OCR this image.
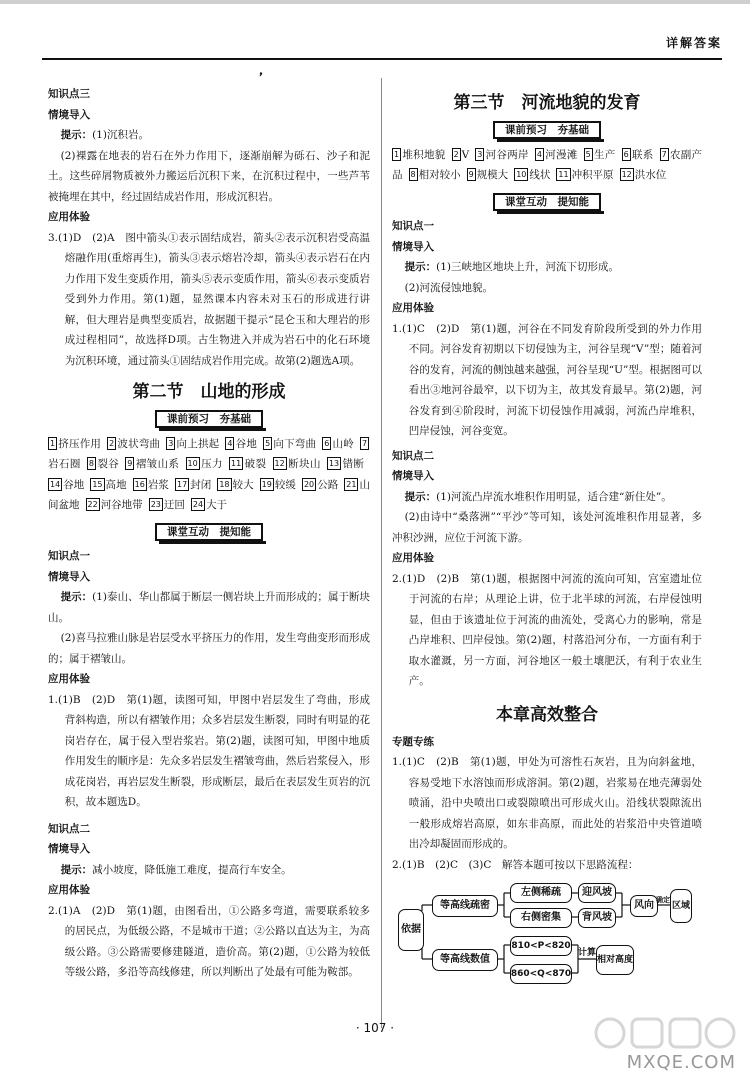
详解答案
❜
知识点三
情境导入

提示：(1)沉积岩。

(2)裸露在地表的岩石在外力作用下，逐渐崩解为砾石、沙子和泥土。这些碎屑物质被外力搬运后沉积下来，在沉积过程中，一些芦苇被掩埋在其中，经过固结成岩作用，形成沉积岩。

应用体验

3.(1)D　(2)A　图中箭头①表示固结成岩，箭头②表示沉积岩受高温熔融作用(重熔再生)，箭头③表示熔岩冷却，箭头④表示岩石在内力作用下发生变质作用，箭头⑤表示变质作用，箭头⑥表示变质岩受到外力作用。第(1)题，显然课本内容未对玉石的形成进行讲解，但大理岩是典型变质岩，故据题干提示“昆仑玉和大理岩的形成过程相同”，故选择D项。古生物进入并成为岩石中的化石环境为沉积环境，通过箭头①固结成岩作用完成。故第(2)题选A项。

第二节　山地的形成
课前预习　夯基础

1 挤压作用 2 波状弯曲 3 向上拱起 4 谷地 5 向下弯曲 6 山岭 7岩石圈 8 裂谷 9 褶皱山系 10 压力 11 破裂 12 断块山 13 错断14 谷地 15 高地 16 岩浆 17 封闭 18 较大 19 较缓 20 公路 21 山间盆地 22 河谷地带 23 迂回 24 大于

课堂互动　提知能
知识点一
情境导入

提示：(1)泰山、华山都属于断层一侧岩块上升而形成的；属于断块山。

(2)喜马拉雅山脉是岩层受水平挤压力的作用，发生弯曲变形而形成的；属于褶皱山。

应用体验

1.(1)B　(2)D　第(1)题，读图可知，甲图中岩层发生了弯曲，形成背斜构造，所以有褶皱作用；众多岩层发生断裂，同时有明显的花岗岩存在，属于侵入型岩浆岩。第(2)题，读图可知，甲图中地质作用发生的顺序是：先众多岩层发生褶皱弯曲，然后岩浆侵入，形成花岗岩，再岩层发生断裂，形成断层，最后在表层发生页岩的沉积，故本题选D。

知识点二
情境导入

提示：减小坡度，降低施工难度，提高行车安全。

应用体验

2.(1)A　(2)D　第(1)题，由图看出，①公路多弯道，需要联系较多的居民点，为低级公路，不是城市干道；②公路以直达为主，为高级公路。③公路需要修建隧道，造价高。第(2)题，①公路为较低等级公路，多沿等高线修建，所以判断出了处最有可能为鞍部。

第三节　河流地貌的发育
课前预习　夯基础

1 堆积地貌 2 V 3 河谷两岸 4 河漫滩 5 生产 6 联系 7 农副产品 8 相对较小 9 规模大 10 线状 11 冲积平原 12 洪水位

课堂互动　提知能
知识点一
情境导入

提示：(1)三峡地区地块上升，河流下切形成。

(2)河流侵蚀地貌。

应用体验

1.(1)C　(2)D　第(1)题，河谷在不同发育阶段所受到的外力作用不同。河谷发育初期以下切侵蚀为主，河谷呈现“V”型；随着河谷的发育，河流的侧蚀越来越强，河谷呈现“U”型。根据图可以看出③地河谷最窄，以下切为主，故其发育最早。第(2)题，河谷发育到④阶段时，河流下切侵蚀作用减弱，河流凸岸堆积，凹岸侵蚀，河谷变宽。

知识点二
情境导入

提示：(1)河流凸岸流水堆积作用明显，适合建“新住处”。

(2)由诗中“桑落洲”“平沙”等可知，该处河流堆积作用显著，多冲积沙洲，应位于河流下游。

应用体验

2.(1)D　(2)B　第(1)题，根据图中河流的流向可知，宫室遗址位于河流的右岸；从理论上讲，位于北半球的河流，右岸侵蚀明显，但由于该遗址位于河流的曲流处，受离心力的影响，常是凸岸堆积、凹岸侵蚀。第(2)题，村落沿河分布，一方面有利于取水灌溉，另一方面，河谷地区一般土壤肥沃，有利于农业生产。

本章高效整合
专题专练

1.(1)C　(2)B　第(1)题，甲处为可溶性石灰岩，且为向斜盆地，容易受地下水溶蚀而形成溶洞。第(2)题，岩浆易在地壳薄弱处喷涌，沿中央喷出口或裂隙喷出可形成火山。沿线状裂隙流出一般形成熔岩高原，如东非高原，而此处的岩浆沿中央管道喷出冷却凝固而形成的。

2.(1)B　(2)C　(3)C　解答本题可按以下思路流程：

依据
等高线疏密
左侧稀疏
右侧密集
迎风坡
背风坡
风向 确定
区域
等高线数值
810<P<820
860<Q<870
计算
相对高度
· 107 ·
MXQE.COM
